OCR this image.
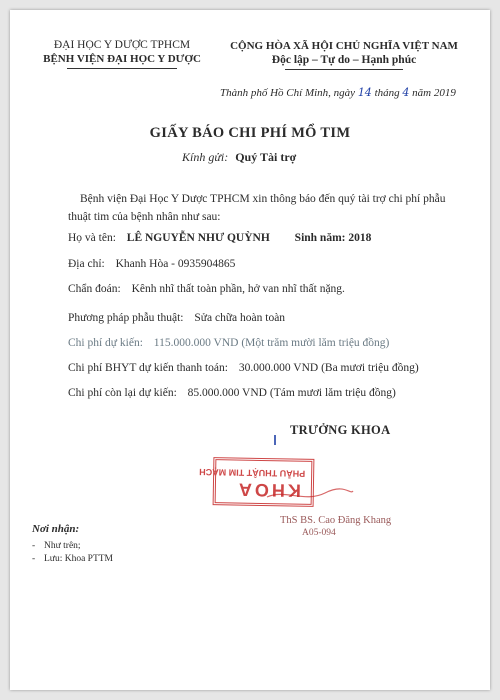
ĐẠI HỌC Y DƯỢC TPHCM
BỆNH VIỆN ĐẠI HỌC Y DƯỢC
CỘNG HÒA XÃ HỘI CHỦ NGHĨA VIỆT NAM
Độc lập – Tự do – Hạnh phúc
Thành phố Hồ Chí Minh, ngày 14 tháng 4 năm 2019
GIẤY BÁO CHI PHÍ MỔ TIM
Kính gửi: Quý Tài trợ
Bệnh viện Đại Học Y Dược TPHCM xin thông báo đến quý tài trợ chi phí phẫu thuật tim của bệnh nhân như sau:
Họ và tên: LÊ NGUYỄN NHƯ QUỲNH Sinh năm: 2018
Địa chỉ: Khanh Hòa - 0935904865
Chẩn đoán: Kênh nhĩ thất toàn phần, hở van nhĩ thất nặng.
Phương pháp phẫu thuật: Sửa chữa hoàn toàn
Chi phí dự kiến: 115.000.000 VND (Một trăm mười lăm triệu đồng)
Chi phí BHYT dự kiến thanh toán: 30.000.000 VND (Ba mươi triệu đồng)
Chi phí còn lại dự kiến: 85.000.000 VND (Tám mươi lăm triệu đồng)
TRƯỞNG KHOA
KHOA
PHẪU THUẬT TIM MẠCH
ThS BS. Cao Đăng Khang
A05-094
Nơi nhận:
- Như trên;
- Lưu: Khoa PTTM
